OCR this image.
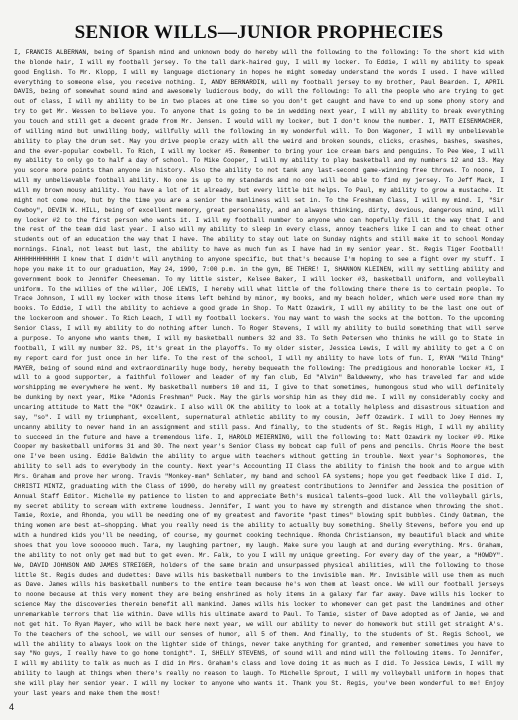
SENIOR WILLS—JUNIOR PROPHECIES

I, FRANCIS ALBERNAN, being of Spanish mind and unknown body do hereby will the following to the following: To the short kid with the blonde hair, I will my football jersey. To the tall dark-haired guy, I will my locker. To Eddie, I will my ability to speak good English. To Mr. Klopp, I will my language dictionary in hopes he might someday understand the words I used. I have willed everything to someone else, you receive nothing. I, ANDY BERNARDIN, will my football jersey to my brother, Paul Bearden. I, APRIL DAVIS, being of somewhat sound mind and awesomely ludicrous body, do will the following: To all the people who are trying to get out of class, I will my ability to be in two places at one time so you don't get caught and have to end up some phony story and try to get Mr. Wessen to believe you. To anyone that is going to be in wedding next year, I will my ability to break everything you touch and still get a decent grade from Mr. Jensen. I would will my locker, but I don't know the number. I, MATT EISENMACHER, of willing mind but unwilling body, willfully will the following in my wonderful will. To Don Wagoner, I will my unbelievable ability to play the drum set. May you drive people crazy with all the weird and broken sounds, clicks, crashes, bashes, swashes, and the ever-popular cowbell. To Rich, I will my locker #5. Remember to bring your ice cream bars and penguins. To Pee Wee, I will my ability to only go to half a day of school. To Mike Cooper, I will my ability to play basketball and my numbers 12 and 13. May you score more points than anyone in history. Also the ability to not tank any last-second game-winning free throws. To noone, I will my unbelievable football ability. No one is up to my standards and no one will be able to find my jersey. To Jeff Mack, I will my brown mousy ability. You have a lot of it already, but every little bit helps. To Paul, my ability to grow a mustache. It might not come now, but by the time you are a senior the manliness will set in. To the Freshman Class, I will my mind. I, "Sir Cowboy", DEVIN W. HILL, being of excellent memory, great personality, and an always thinking, dirty, devious, dangerous mind, will my locker #2 to the first person who wants it. I will my football number to anyone who can hopefully fill it the way that I and the rest of the team did last year. I also will my ability to sleep in every class, annoy teachers like I can and to cheat other students out of an education the way that I have. The ability to stay out late on Sunday nights and still make it to school Monday mornings. Final, not least but last, the ability to have as much fun as I have had in my senior year. St. Regis Tiger Football! AHHHHHHHHHHH I knew that I didn't will anything to anyone specific, but that's because I'm hoping to see a fight over my stuff. I hope you make it to our graduation, May 24, 1990, 7:00 p.m. in the gym, BE THERE! I, SHANNON KLEINEN, will my settling ability and government book to Jennifer Cheeseman. To my little sister, Kelsee Baker, I will locker #3, basketball uniform, and volleyball uniform. To the willies of the willer, JOE LEWIS, I hereby will what little of the following there there is to certain people. To Trace Johnson, I will my locker with those items left behind by minor, my books, and my beach holder, which were used more than my books. To Eddie, I will the ability to achieve a good grade in Shop. To Matt Ozawirk, I will my ability to be the last one out of the lockeroom and shower. To Rich Leach, I will my football lockers. You may want to wash the socks at the bottom. To the upcoming Senior Class, I will my ability to do nothing after lunch. To Roger Stevens, I will my ability to build something that will serve a purpose. To anyone who wants them, I will my basketball numbers 32 and 33. To Seth Petersen who thinks he will go to State in football, I will my number 32. PS, it's great in the playoffs. To my older sister, Jessica Lewis, I will my ability to get a C on my report card for just once in her life. To the rest of the school, I will my ability to have lots of fun. I, RYAN "Wild Thing" MAYER, being of sound mind and extraordinarily huge body, hereby bequeath the following: The predigious and honorable locker #1, I will to a good supporter, a faithful follower and leader of my fan club, Ed "Alvin" Baldwewny, who has traveled far and wide worshipping me everywhere he went. My basketball numbers 10 and 11, I give to that sometimes, humongous stud who will definitely be dunking by next year, Mike "Adonis Freshman" Puck. May the girls worship him as they did me. I will my considerably cocky and uncaring attitude to Matt the "OK" Ozawirk. I also will OK the ability to look at a totally helpless and disastrous situation and say, "so". I will my triumphant, excellent, supernatural athletic ability to my cousin, Jeff Ozawirk. I will to Joey Hennes my uncanny ability to never hand in an assignment and still pass. And finally, to the students of St. Regis High, I will my ability to succeed in the future and have a tremendous life. I, HAROLD MEIERNING, will the following to: Matt Ozawirk my locker #9. Mike Cooper my basketball uniforms 31 and 30. The next year's Senior Class my bobcat cap full of pens and pencils. Chris Moore the best one I've been using. Eddie Baldwin the ability to argue with teachers without getting in trouble. Next year's Sophomores, the ability to sell ads to everybody in the county. Next year's Accounting II Class the ability to finish the book and to argue with Mrs. Graham and prove her wrong. Travis "Monkey-man" Schlater, my band and school FA systems; hope you get feedback like I did. I, CHRISTI MINTZ, graduating with the Class of 1990, do hereby will my greatest contributions to Jennifer and Jessica the position of Annual Staff Editor. Michelle my patience to listen to and appreciate Beth's musical talents—good luck. All the volleyball girls, my secret ability to scream with extreme loudness. Jennifer, I want you to have my strength and distance when throwing the shot. Tamie, Roxie, and Rhonda, you will be needing one of my greatest and favorite "past times" blowing spit bubbles. Cindy Oatman, the thing women are best at—shopping. What you really need is the ability to actually buy something. Shelly Stevens, before you end up with a hundred kids you'll be needing, of course, my gourmet cooking technique. Rhonda Christianson, my beautiful black and white shoes that you love soooooo much. Tara, my laughing partner, my laugh. Make sure you laugh at and during everything. Mrs. Graham, the ability to not only get mad but to get even. Mr. Falk, to you I will my unique greeting. For every day of the year, a "HOWDY". We, DAVID JOHNSON AND JAMES STREIGER, holders of the same brain and unsurpassed physical abilities, will the following to those little St. Regis dudes and dudettes: Dave wills his basketball numbers to the invisible man. Mr. Invisible will use them as much as Dave. James wills his basketball numbers to the entire team because he's won them at least once. We will our football jerseys to noone because at this very moment they are being enshrined as holy items in a galaxy far far away. Dave wills his locker to science May the discoveries therein benefit all mankind. James wills his locker to whomever can get past the landmines and other unremarkable terrors that lie within. Dave wills his ultimate award to Paul. To Tamie, sister of Dave adopted as of Janie, we and not get hit. To Ryan Mayer, who will be back here next year, we will our ability to never do homework but still get straight A's. To the teachers of the school, we will our senses of humor, all 5 of them. And finally, to the students of St. Regis School, we will the ability to always look on the lighter side of things, never take anything for granted, and remember sometimes you have to say "No guys, I really have to go home tonight". I, SHELLY STEVENS, of sound will and mind will the following items. To Jennifer, I will my ability to talk as much as I did in Mrs. Graham's class and love doing it as much as I did. To Jessica Lewis, I will my ability to laugh at things when there's really no reason to laugh. To Michelle Sprout, I will my volleyball uniform in hopes that she will play her senior year. I will my locker to anyone who wants it. Thank you St. Regis, you've been wonderful to me! Enjoy your last years and make them the most!

4
